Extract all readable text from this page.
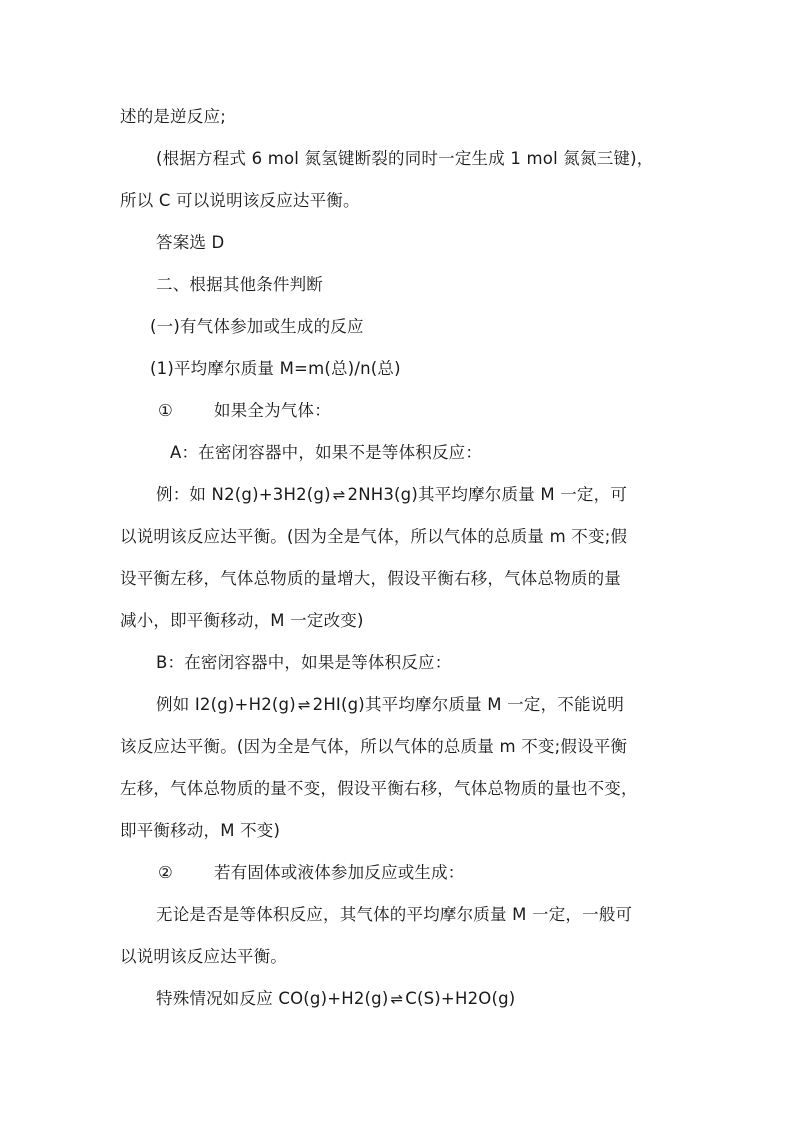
述的是逆反应;
(根据方程式 6 mol 氮氢键断裂的同时一定生成 1 mol 氮氮三键)，
所以 C 可以说明该反应达平衡。
答案选 D
二、根据其他条件判断
(一)有气体参加或生成的反应
(1)平均摩尔质量 M=m(总)/n(总)
① 如果全为气体：
A：在密闭容器中，如果不是等体积反应：
例：如 N2(g)+3H2(g) ⇌ 2NH3(g)其平均摩尔质量 M 一定，可
以说明该反应达平衡。(因为全是气体，所以气体的总质量 m 不变;假
设平衡左移，气体总物质的量增大，假设平衡右移，气体总物质的量
减小，即平衡移动，M 一定改变)
B：在密闭容器中，如果是等体积反应：
例如 I2(g)+H2(g) ⇌ 2HI(g)其平均摩尔质量 M 一定，不能说明
该反应达平衡。(因为全是气体，所以气体的总质量 m 不变;假设平衡
左移，气体总物质的量不变，假设平衡右移，气体总物质的量也不变，
即平衡移动，M 不变)
② 若有固体或液体参加反应或生成：
无论是否是等体积反应，其气体的平均摩尔质量 M 一定，一般可
以说明该反应达平衡。
特殊情况如反应 CO(g)+H2(g) ⇌ C(S)+H2O(g)
